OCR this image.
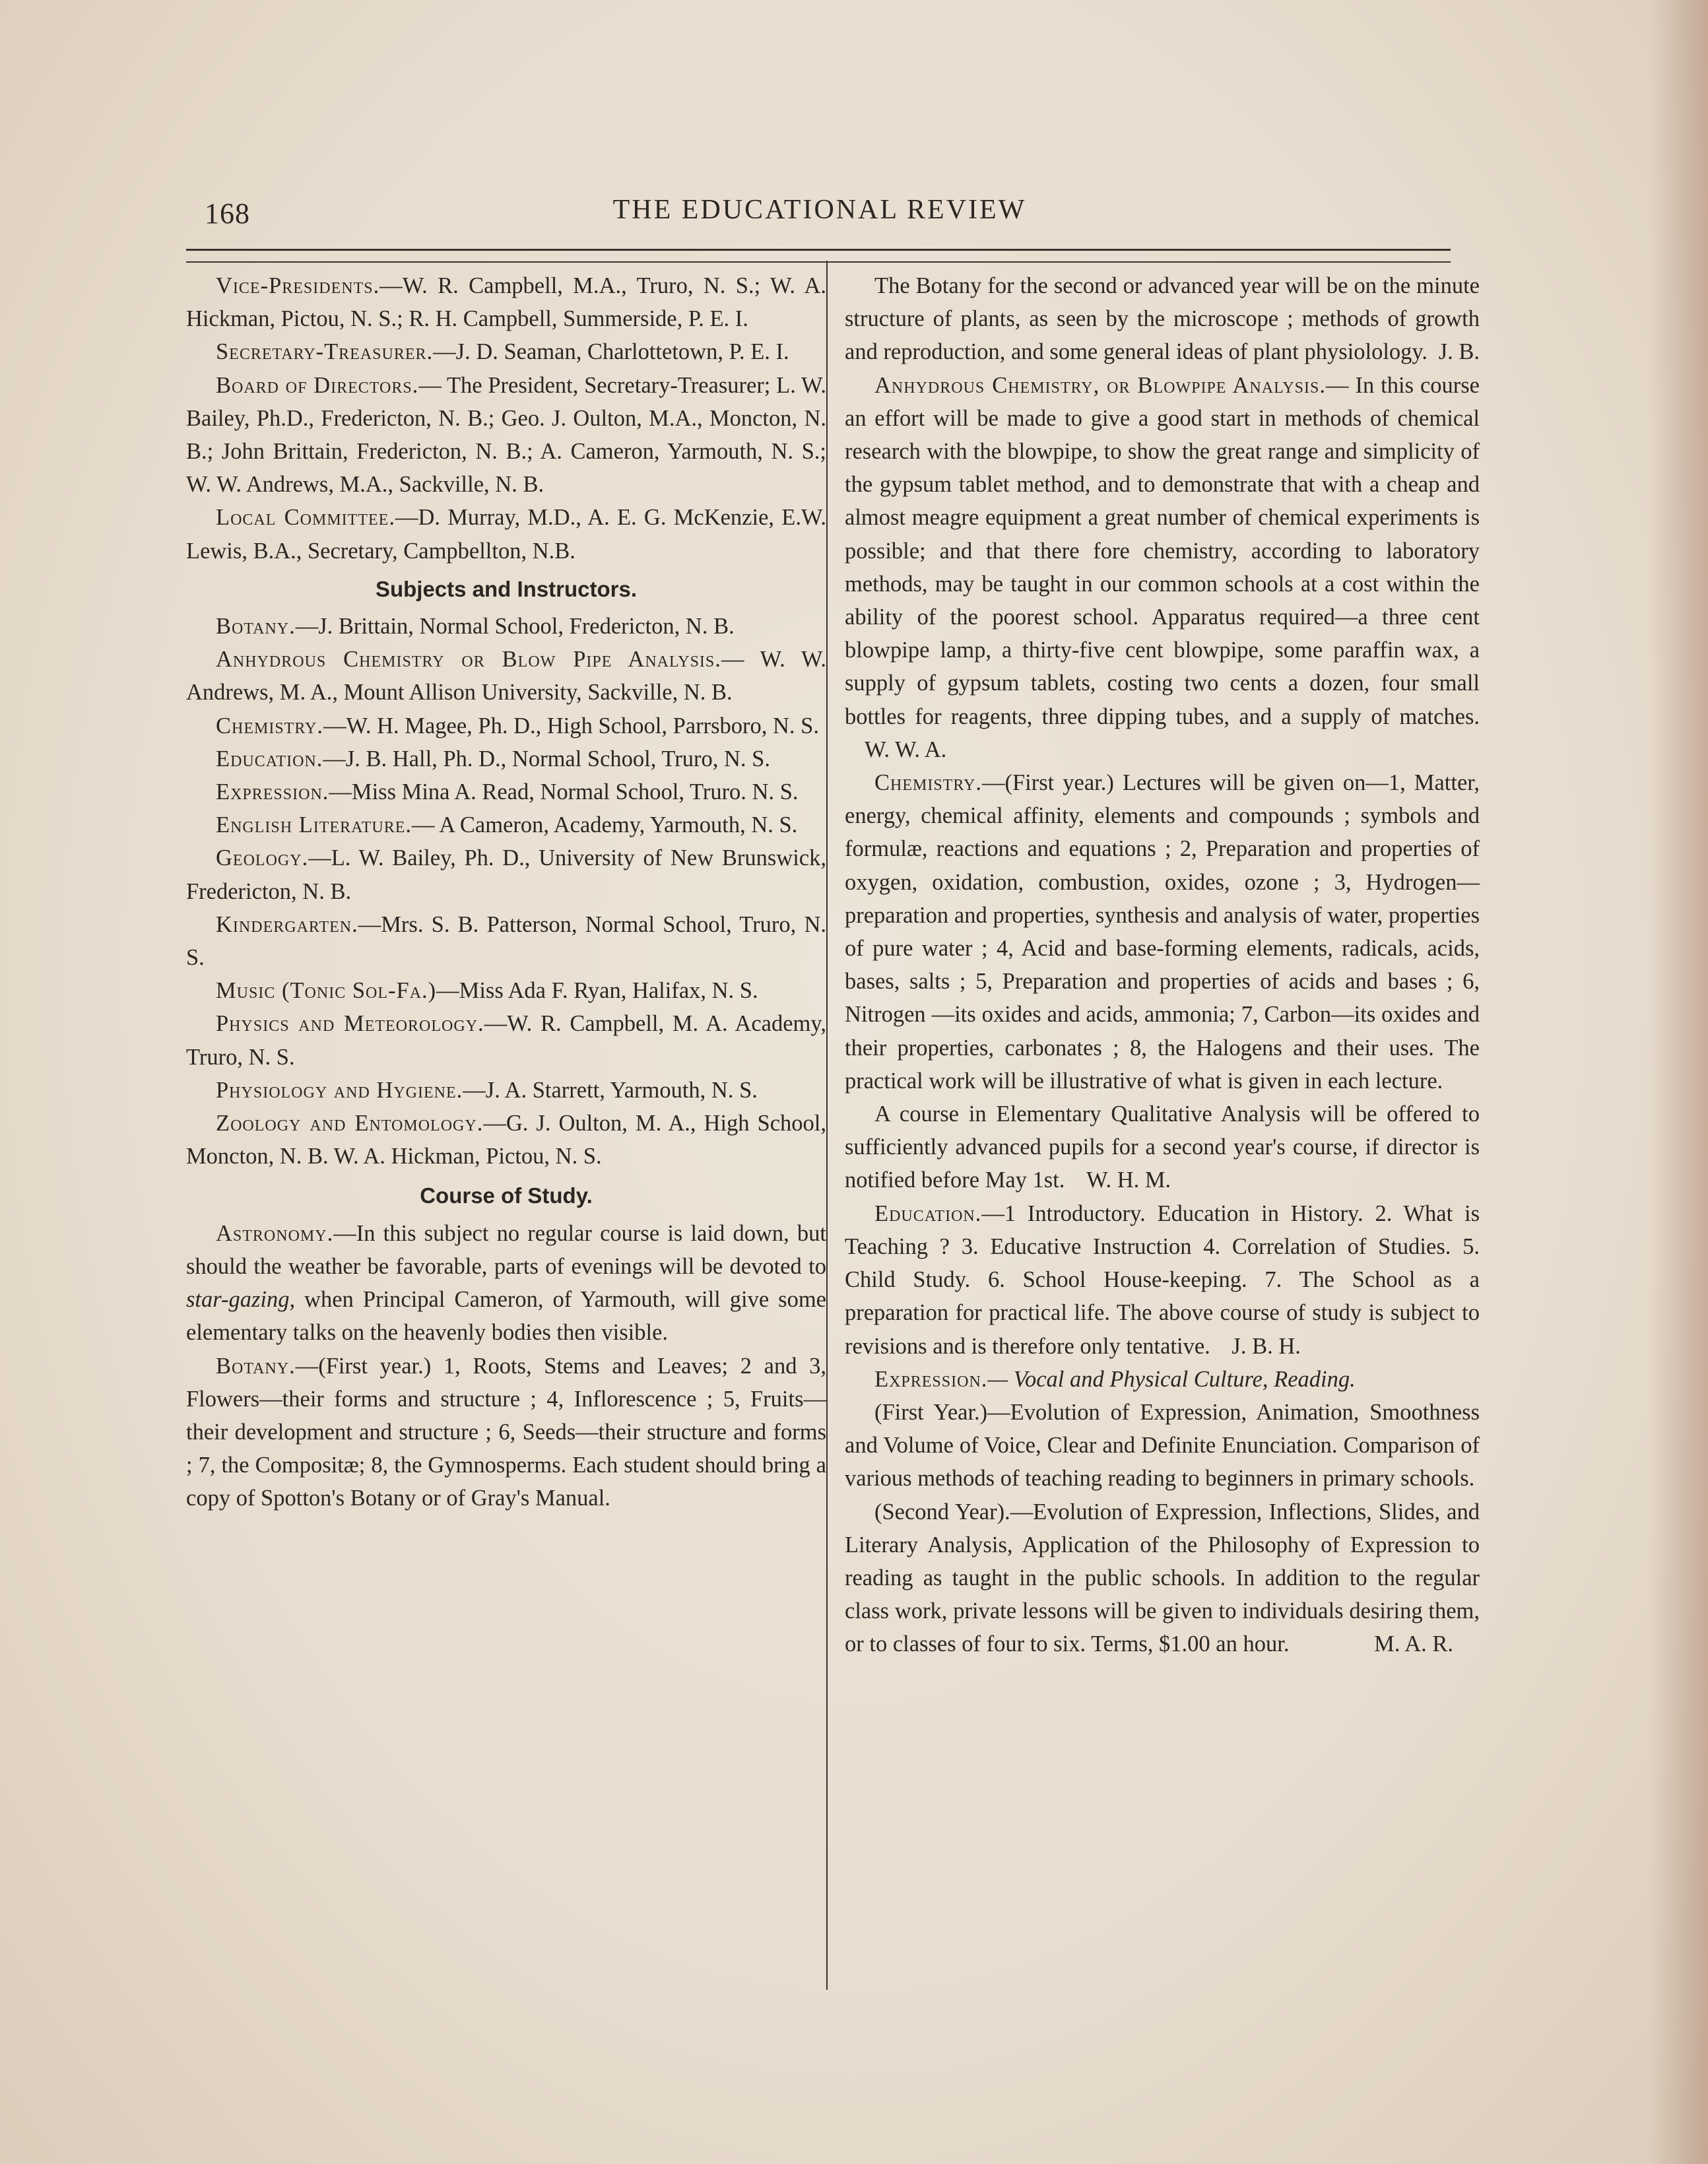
168	THE EDUCATIONAL REVIEW

Vice-Presidents.—W. R. Campbell, M.A., Truro, N. S.; W. A. Hickman, Pictou, N. S.; R. H. Campbell, Summerside, P. E. I.

Secretary-Treasurer.—J. D. Seaman, Charlottetown, P. E. I.

Board of Directors.— The President, Secretary-Treasurer; L. W. Bailey, Ph.D., Fredericton, N. B.; Geo. J. Oulton, M.A., Moncton, N. B.; John Brittain, Fredericton, N. B.; A. Cameron, Yarmouth, N. S.; W. W. Andrews, M.A., Sackville, N. B.

Local Committee.—D. Murray, M.D., A. E. G. McKenzie, E.W. Lewis, B.A., Secretary, Campbellton, N.B.

Subjects and Instructors.

Botany.—J. Brittain, Normal School, Fredericton, N. B.

Anhydrous Chemistry or Blow Pipe Analysis.— W. W. Andrews, M. A., Mount Allison University, Sackville, N. B.

Chemistry.—W. H. Magee, Ph. D., High School, Parrsboro, N. S.

Education.—J. B. Hall, Ph. D., Normal School, Truro, N. S.

Expression.—Miss Mina A. Read, Normal School, Truro. N. S.

English Literature.— A Cameron, Academy, Yarmouth, N. S.

Geology.—L. W. Bailey, Ph. D., University of New Brunswick, Fredericton, N. B.

Kindergarten.—Mrs. S. B. Patterson, Normal School, Truro, N. S.

Music (Tonic Sol-Fa.)—Miss Ada F. Ryan, Halifax, N. S.

Physics and Meteorology.—W. R. Campbell, M. A. Academy, Truro, N. S.

Physiology and Hygiene.—J. A. Starrett, Yarmouth, N. S.

Zoology and Entomology.—G. J. Oulton, M. A., High School, Moncton, N. B. W. A. Hickman, Pictou, N. S.

Course of Study.

Astronomy.—In this subject no regular course is laid down, but should the weather be favorable, parts of evenings will be devoted to star-gazing, when Principal Cameron, of Yarmouth, will give some elementary talks on the heavenly bodies then visible.

Botany.—(First year.) 1, Roots, Stems and Leaves; 2 and 3, Flowers—their forms and structure ; 4, Inflorescence ; 5, Fruits—their development and structure ; 6, Seeds—their structure and forms ; 7, the Compositæ; 8, the Gymnosperms. Each student should bring a copy of Spotton's Botany or of Gray's Manual.

The Botany for the second or advanced year will be on the minute structure of plants, as seen by the microscope ; methods of growth and reproduction, and some general ideas of plant physiolology. J. B.

Anhydrous Chemistry, or Blowpipe Analysis.— In this course an effort will be made to give a good start in methods of chemical research with the blowpipe, to show the great range and simplicity of the gypsum tablet method, and to demonstrate that with a cheap and almost meagre equipment a great number of chemical experiments is possible; and that there fore chemistry, according to laboratory methods, may be taught in our common schools at a cost within the ability of the poorest school. Apparatus required—a three cent blowpipe lamp, a thirty-five cent blowpipe, some paraffin wax, a supply of gypsum tablets, costing two cents a dozen, four small bottles for reagents, three dipping tubes, and a supply of matches. W. W. A.

Chemistry.—(First year.) Lectures will be given on—1, Matter, energy, chemical affinity, elements and compounds ; symbols and formulæ, reactions and equations ; 2, Preparation and properties of oxygen, oxidation, combustion, oxides, ozone ; 3, Hydrogen— preparation and properties, synthesis and analysis of water, properties of pure water ; 4, Acid and base-forming elements, radicals, acids, bases, salts ; 5, Preparation and properties of acids and bases ; 6, Nitrogen —its oxides and acids, ammonia; 7, Carbon—its oxides and their properties, carbonates ; 8, the Halogens and their uses. The practical work will be illustrative of what is given in each lecture.

A course in Elementary Qualitative Analysis will be offered to sufficiently advanced pupils for a second year's course, if director is notified before May 1st. W. H. M.

Education.—1 Introductory. Education in History. 2. What is Teaching ? 3. Educative Instruction 4. Correlation of Studies. 5. Child Study. 6. School House-keeping. 7. The School as a preparation for practical life. The above course of study is subject to revisions and is therefore only tentative. J. B. H.

Expression.— Vocal and Physical Culture, Reading.

(First Year.)—Evolution of Expression, Animation, Smoothness and Volume of Voice, Clear and Definite Enunciation. Comparison of various methods of teaching reading to beginners in primary schools.

(Second Year).—Evolution of Expression, Inflections, Slides, and Literary Analysis, Application of the Philosophy of Expression to reading as taught in the public schools. In addition to the regular class work, private lessons will be given to individuals desiring them, or to classes of four to six. Terms, $1.00 an hour.	M. A. R.
